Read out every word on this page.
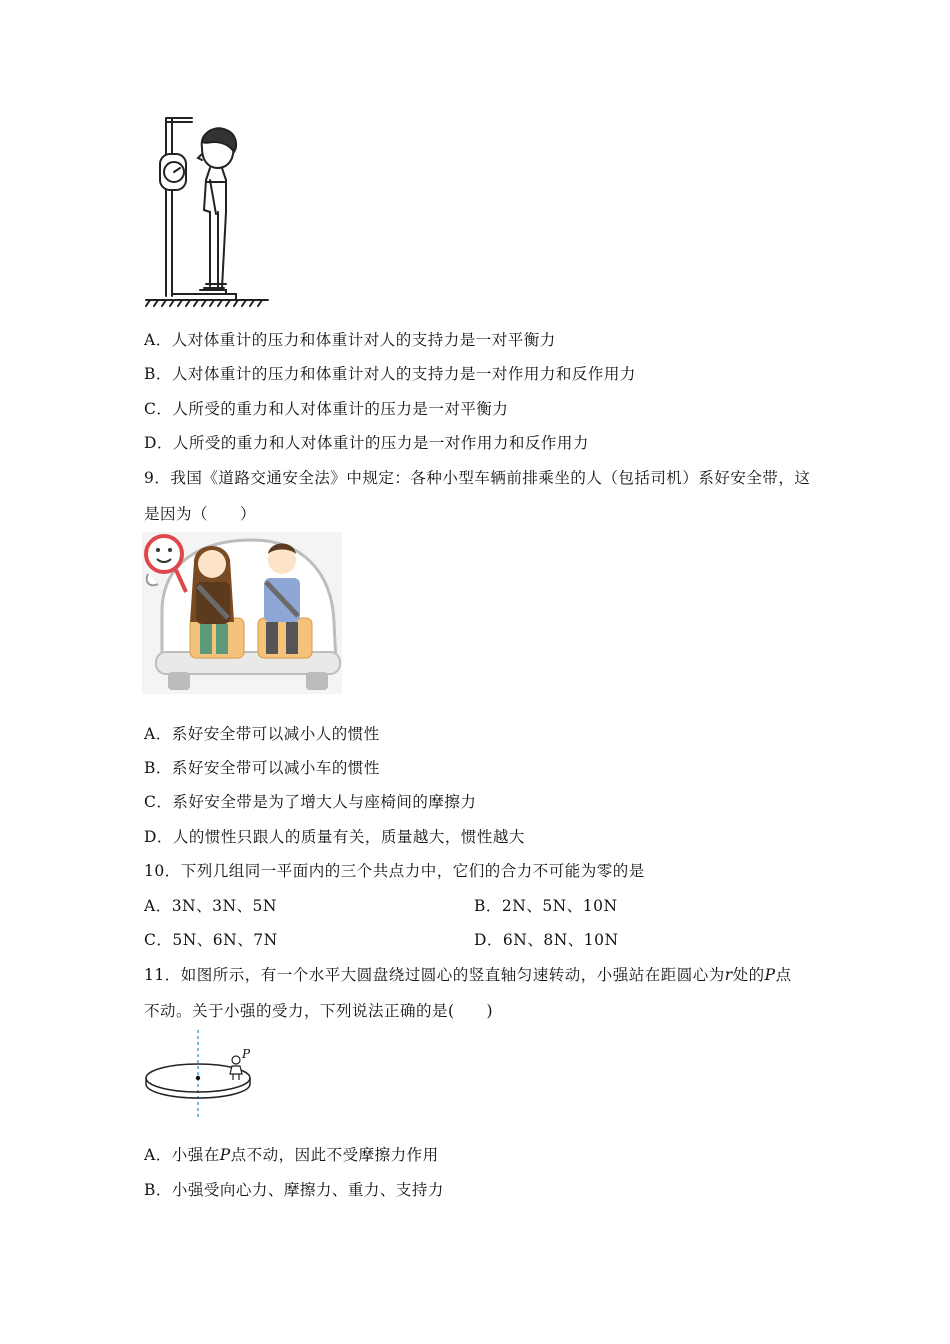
A．人对体重计的压力和体重计对人的支持力是一对平衡力
B．人对体重计的压力和体重计对人的支持力是一对作用力和反作用力
C．人所受的重力和人对体重计的压力是一对平衡力
D．人所受的重力和人对体重计的压力是一对作用力和反作用力
9．我国《道路交通安全法》中规定：各种小型车辆前排乘坐的人（包括司机）系好安全带，这
是因为（　　）
A．系好安全带可以减小人的惯性
B．系好安全带可以减小车的惯性
C．系好安全带是为了增大人与座椅间的摩擦力
D．人的惯性只跟人的质量有关，质量越大，惯性越大
10．下列几组同一平面内的三个共点力中，它们的合力不可能为零的是
A．3N、3N、5N	B．2N、5N、10N
C．5N、6N、7N	D．6N、8N、10N
11．如图所示，有一个水平大圆盘绕过圆心的竖直轴匀速转动，小强站在距圆心为r处的P点
不动。关于小强的受力，下列说法正确的是(　　)
P
A．小强在P点不动，因此不受摩擦力作用
B．小强受向心力、摩擦力、重力、支持力
